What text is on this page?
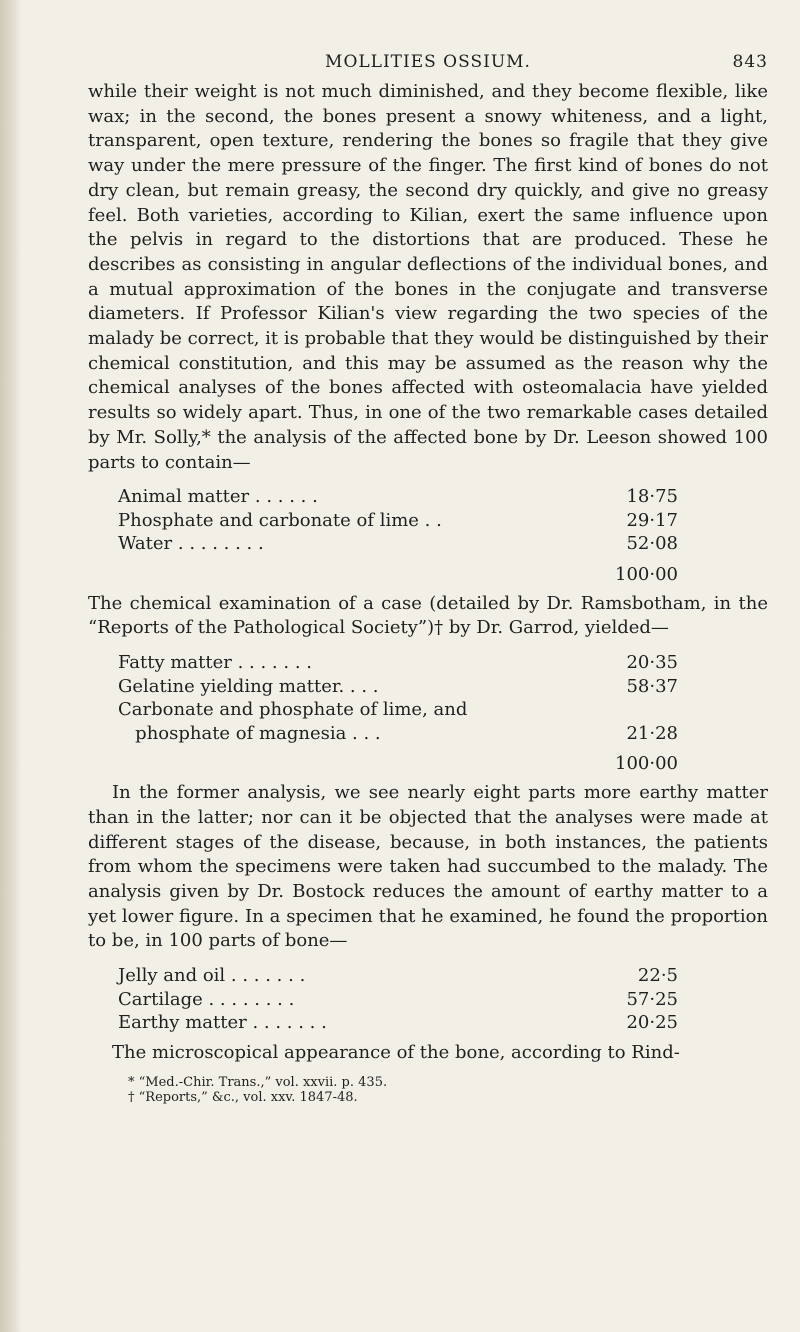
MOLLITIES OSSIUM.	843

while their weight is not much diminished, and they become flexible, like wax; in the second, the bones present a snowy whiteness, and a light, transparent, open texture, rendering the bones so fragile that they give way under the mere pressure of the finger. The first kind of bones do not dry clean, but remain greasy, the second dry quickly, and give no greasy feel. Both varieties, according to Kilian, exert the same influence upon the pelvis in regard to the distortions that are produced. These he describes as consisting in angular deflections of the individual bones, and a mutual approximation of the bones in the conjugate and transverse diameters. If Professor Kilian's view regarding the two species of the malady be correct, it is probable that they would be distinguished by their chemical constitution, and this may be assumed as the reason why the chemical analyses of the bones affected with osteomalacia have yielded results so widely apart. Thus, in one of the two remarkable cases detailed by Mr. Solly,* the analysis of the affected bone by Dr. Leeson showed 100 parts to contain—

Animal matter . . . . . .	18·75
Phosphate and carbonate of lime . .	29·17
Water . . . . . . . .	52·08
100·00

The chemical examination of a case (detailed by Dr. Ramsbotham, in the “Reports of the Pathological Society”)† by Dr. Garrod, yielded—

Fatty matter . . . . . . .	20·35
Gelatine yielding matter. . . .	58·37
Carbonate and phosphate of lime, and
phosphate of magnesia . . .	21·28
100·00

In the former analysis, we see nearly eight parts more earthy matter than in the latter; nor can it be objected that the analyses were made at different stages of the disease, because, in both instances, the patients from whom the specimens were taken had succumbed to the malady. The analysis given by Dr. Bostock reduces the amount of earthy matter to a yet lower figure. In a specimen that he examined, he found the proportion to be, in 100 parts of bone—

Jelly and oil . . . . . . .	22·5
Cartilage . . . . . . . .	57·25
Earthy matter . . . . . . .	20·25

The microscopical appearance of the bone, according to Rind-

* “Med.-Chir. Trans.,” vol. xxvii. p. 435.
† “Reports,” &c., vol. xxv. 1847-48.
